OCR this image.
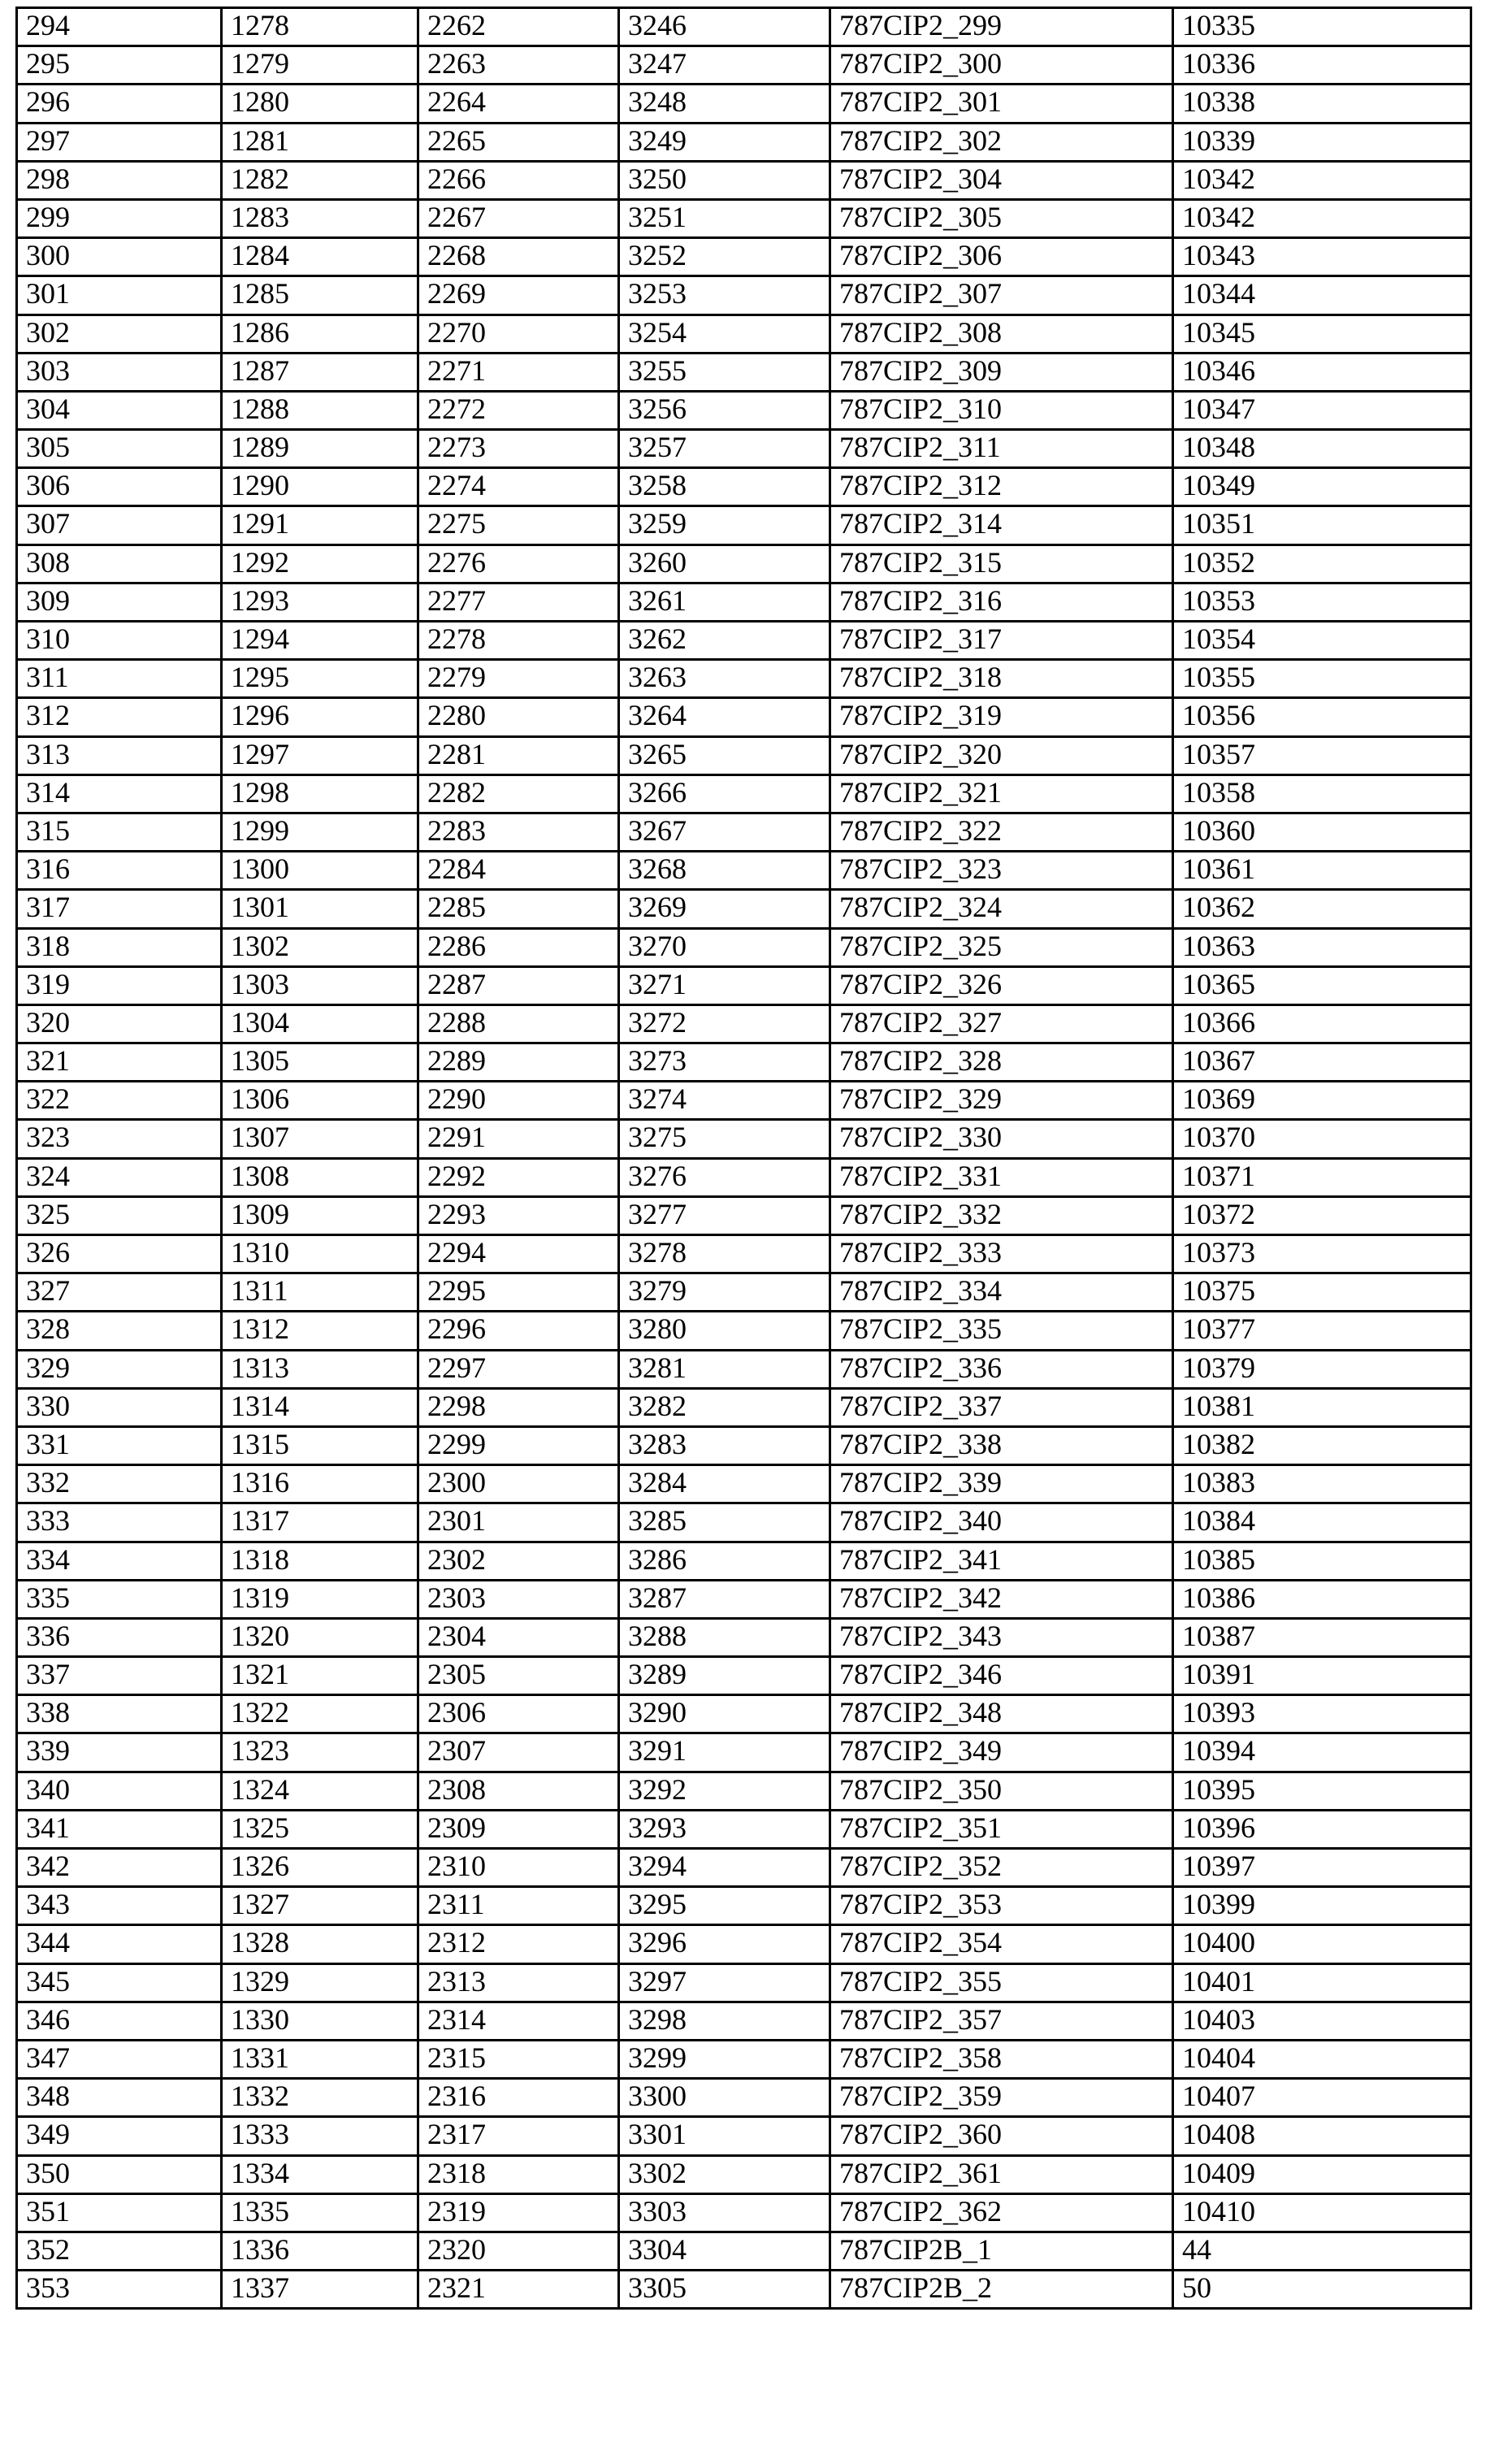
294	1278	2262	3246	787CIP2_299	10335
295	1279	2263	3247	787CIP2_300	10336
296	1280	2264	3248	787CIP2_301	10338
297	1281	2265	3249	787CIP2_302	10339
298	1282	2266	3250	787CIP2_304	10342
299	1283	2267	3251	787CIP2_305	10342
300	1284	2268	3252	787CIP2_306	10343
301	1285	2269	3253	787CIP2_307	10344
302	1286	2270	3254	787CIP2_308	10345
303	1287	2271	3255	787CIP2_309	10346
304	1288	2272	3256	787CIP2_310	10347
305	1289	2273	3257	787CIP2_311	10348
306	1290	2274	3258	787CIP2_312	10349
307	1291	2275	3259	787CIP2_314	10351
308	1292	2276	3260	787CIP2_315	10352
309	1293	2277	3261	787CIP2_316	10353
310	1294	2278	3262	787CIP2_317	10354
311	1295	2279	3263	787CIP2_318	10355
312	1296	2280	3264	787CIP2_319	10356
313	1297	2281	3265	787CIP2_320	10357
314	1298	2282	3266	787CIP2_321	10358
315	1299	2283	3267	787CIP2_322	10360
316	1300	2284	3268	787CIP2_323	10361
317	1301	2285	3269	787CIP2_324	10362
318	1302	2286	3270	787CIP2_325	10363
319	1303	2287	3271	787CIP2_326	10365
320	1304	2288	3272	787CIP2_327	10366
321	1305	2289	3273	787CIP2_328	10367
322	1306	2290	3274	787CIP2_329	10369
323	1307	2291	3275	787CIP2_330	10370
324	1308	2292	3276	787CIP2_331	10371
325	1309	2293	3277	787CIP2_332	10372
326	1310	2294	3278	787CIP2_333	10373
327	1311	2295	3279	787CIP2_334	10375
328	1312	2296	3280	787CIP2_335	10377
329	1313	2297	3281	787CIP2_336	10379
330	1314	2298	3282	787CIP2_337	10381
331	1315	2299	3283	787CIP2_338	10382
332	1316	2300	3284	787CIP2_339	10383
333	1317	2301	3285	787CIP2_340	10384
334	1318	2302	3286	787CIP2_341	10385
335	1319	2303	3287	787CIP2_342	10386
336	1320	2304	3288	787CIP2_343	10387
337	1321	2305	3289	787CIP2_346	10391
338	1322	2306	3290	787CIP2_348	10393
339	1323	2307	3291	787CIP2_349	10394
340	1324	2308	3292	787CIP2_350	10395
341	1325	2309	3293	787CIP2_351	10396
342	1326	2310	3294	787CIP2_352	10397
343	1327	2311	3295	787CIP2_353	10399
344	1328	2312	3296	787CIP2_354	10400
345	1329	2313	3297	787CIP2_355	10401
346	1330	2314	3298	787CIP2_357	10403
347	1331	2315	3299	787CIP2_358	10404
348	1332	2316	3300	787CIP2_359	10407
349	1333	2317	3301	787CIP2_360	10408
350	1334	2318	3302	787CIP2_361	10409
351	1335	2319	3303	787CIP2_362	10410
352	1336	2320	3304	787CIP2B_1	44
353	1337	2321	3305	787CIP2B_2	50
